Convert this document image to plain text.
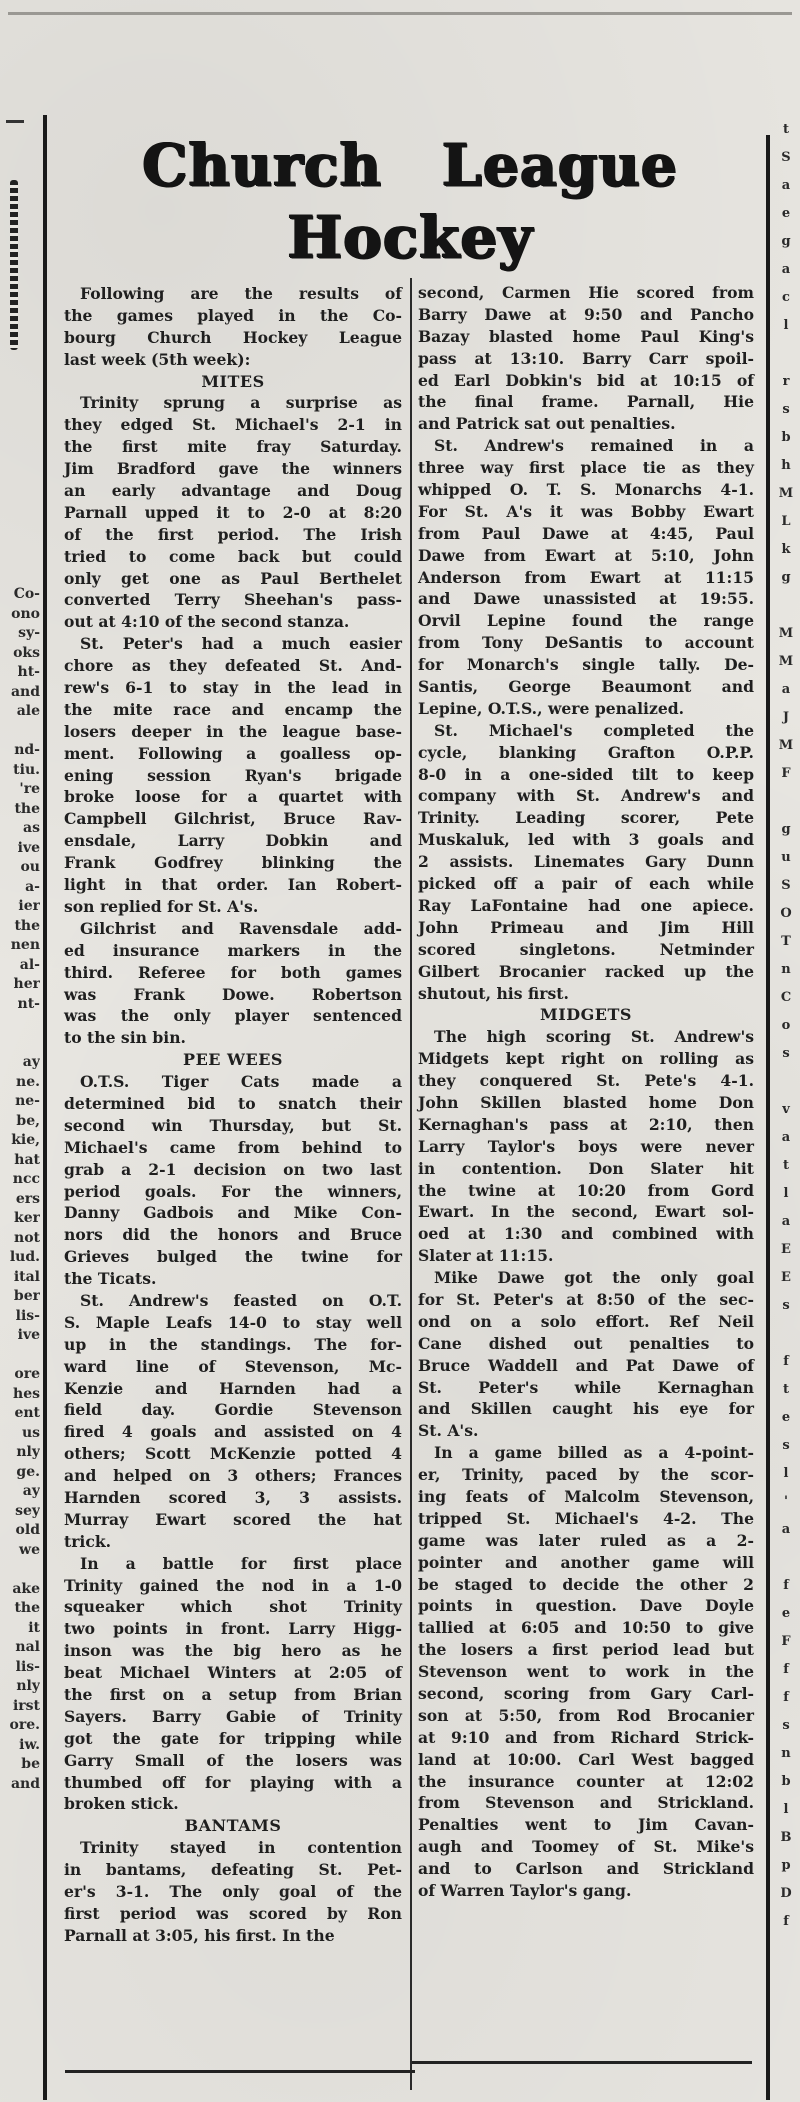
Co-
ono
sy-
oks
ht-
and
ale
nd-
tiu.
're
the
as
ive
ou
a-
ier
the
nen
al-
her
nt-
ay
ne.
ne-
be,
kie,
hat
ncc
ers
ker
not
lud.
ital
ber
lis-
ive
ore
hes
ent
us
nly
ge.
ay
sey
old
we
ake
the
it
nal
lis-
nly
irst
ore.
iw.
be
and
t
S
a
e
g
a
c
l
r
s
b
h
M
L
k
g
M
M
a
J
M
F
g
u
S
O
T
n
C
o
s
v
a
t
l
a
E
E
s
f
t
e
s
l
'
a
f
e
F
f
f
s
n
b
l
B
p
D
f
Church League
Hockey

Following are the results of
the games played in the Co-
bourg Church Hockey League
last week (5th week):

MITES

Trinity sprung a surprise as
they edged St. Michael's 2-1 in
the first mite fray Saturday.
Jim Bradford gave the winners
an early advantage and Doug
Parnall upped it to 2-0 at 8:20
of the first period. The Irish
tried to come back but could
only get one as Paul Berthelet
converted Terry Sheehan's pass-
out at 4:10 of the second stanza.

St. Peter's had a much easier
chore as they defeated St. And-
rew's 6-1 to stay in the lead in
the mite race and encamp the
losers deeper in the league base-
ment. Following a goalless op-
ening session Ryan's brigade
broke loose for a quartet with
Campbell Gilchrist, Bruce Rav-
ensdale, Larry Dobkin and
Frank Godfrey blinking the
light in that order. Ian Robert-
son replied for St. A's.

Gilchrist and Ravensdale add-
ed insurance markers in the
third. Referee for both games
was Frank Dowe. Robertson
was the only player sentenced
to the sin bin.

PEE WEES

O.T.S. Tiger Cats made a
determined bid to snatch their
second win Thursday, but St.
Michael's came from behind to
grab a 2-1 decision on two last
period goals. For the winners,
Danny Gadbois and Mike Con-
nors did the honors and Bruce
Grieves bulged the twine for
the Ticats.

St. Andrew's feasted on O.T.
S. Maple Leafs 14-0 to stay well
up in the standings. The for-
ward line of Stevenson, Mc-
Kenzie and Harnden had a
field day. Gordie Stevenson
fired 4 goals and assisted on 4
others; Scott McKenzie potted 4
and helped on 3 others; Frances
Harnden scored 3, 3 assists.
Murray Ewart scored the hat
trick.

In a battle for first place
Trinity gained the nod in a 1-0
squeaker which shot Trinity
two points in front. Larry Higg-
inson was the big hero as he
beat Michael Winters at 2:05 of
the first on a setup from Brian
Sayers. Barry Gabie of Trinity
got the gate for tripping while
Garry Small of the losers was
thumbed off for playing with a
broken stick.

BANTAMS

Trinity stayed in contention
in bantams, defeating St. Pet-
er's 3-1. The only goal of the
first period was scored by Ron
Parnall at 3:05, his first. In the

second, Carmen Hie scored from
Barry Dawe at 9:50 and Pancho
Bazay blasted home Paul King's
pass at 13:10. Barry Carr spoil-
ed Earl Dobkin's bid at 10:15 of
the final frame. Parnall, Hie
and Patrick sat out penalties.

St. Andrew's remained in a
three way first place tie as they
whipped O. T. S. Monarchs 4-1.
For St. A's it was Bobby Ewart
from Paul Dawe at 4:45, Paul
Dawe from Ewart at 5:10, John
Anderson from Ewart at 11:15
and Dawe unassisted at 19:55.
Orvil Lepine found the range
from Tony DeSantis to account
for Monarch's single tally. De-
Santis, George Beaumont and
Lepine, O.T.S., were penalized.

St. Michael's completed the
cycle, blanking Grafton O.P.P.
8-0 in a one-sided tilt to keep
company with St. Andrew's and
Trinity. Leading scorer, Pete
Muskaluk, led with 3 goals and
2 assists. Linemates Gary Dunn
picked off a pair of each while
Ray LaFontaine had one apiece.
John Primeau and Jim Hill
scored singletons. Netminder
Gilbert Brocanier racked up the
shutout, his first.

MIDGETS

The high scoring St. Andrew's
Midgets kept right on rolling as
they conquered St. Pete's 4-1.
John Skillen blasted home Don
Kernaghan's pass at 2:10, then
Larry Taylor's boys were never
in contention. Don Slater hit
the twine at 10:20 from Gord
Ewart. In the second, Ewart sol-
oed at 1:30 and combined with
Slater at 11:15.

Mike Dawe got the only goal
for St. Peter's at 8:50 of the sec-
ond on a solo effort. Ref Neil
Cane dished out penalties to
Bruce Waddell and Pat Dawe of
St. Peter's while Kernaghan
and Skillen caught his eye for
St. A's.

In a game billed as a 4-point-
er, Trinity, paced by the scor-
ing feats of Malcolm Stevenson,
tripped St. Michael's 4-2. The
game was later ruled as a 2-
pointer and another game will
be staged to decide the other 2
points in question. Dave Doyle
tallied at 6:05 and 10:50 to give
the losers a first period lead but
Stevenson went to work in the
second, scoring from Gary Carl-
son at 5:50, from Rod Brocanier
at 9:10 and from Richard Strick-
land at 10:00. Carl West bagged
the insurance counter at 12:02
from Stevenson and Strickland.
Penalties went to Jim Cavan-
augh and Toomey of St. Mike's
and to Carlson and Strickland
of Warren Taylor's gang.
